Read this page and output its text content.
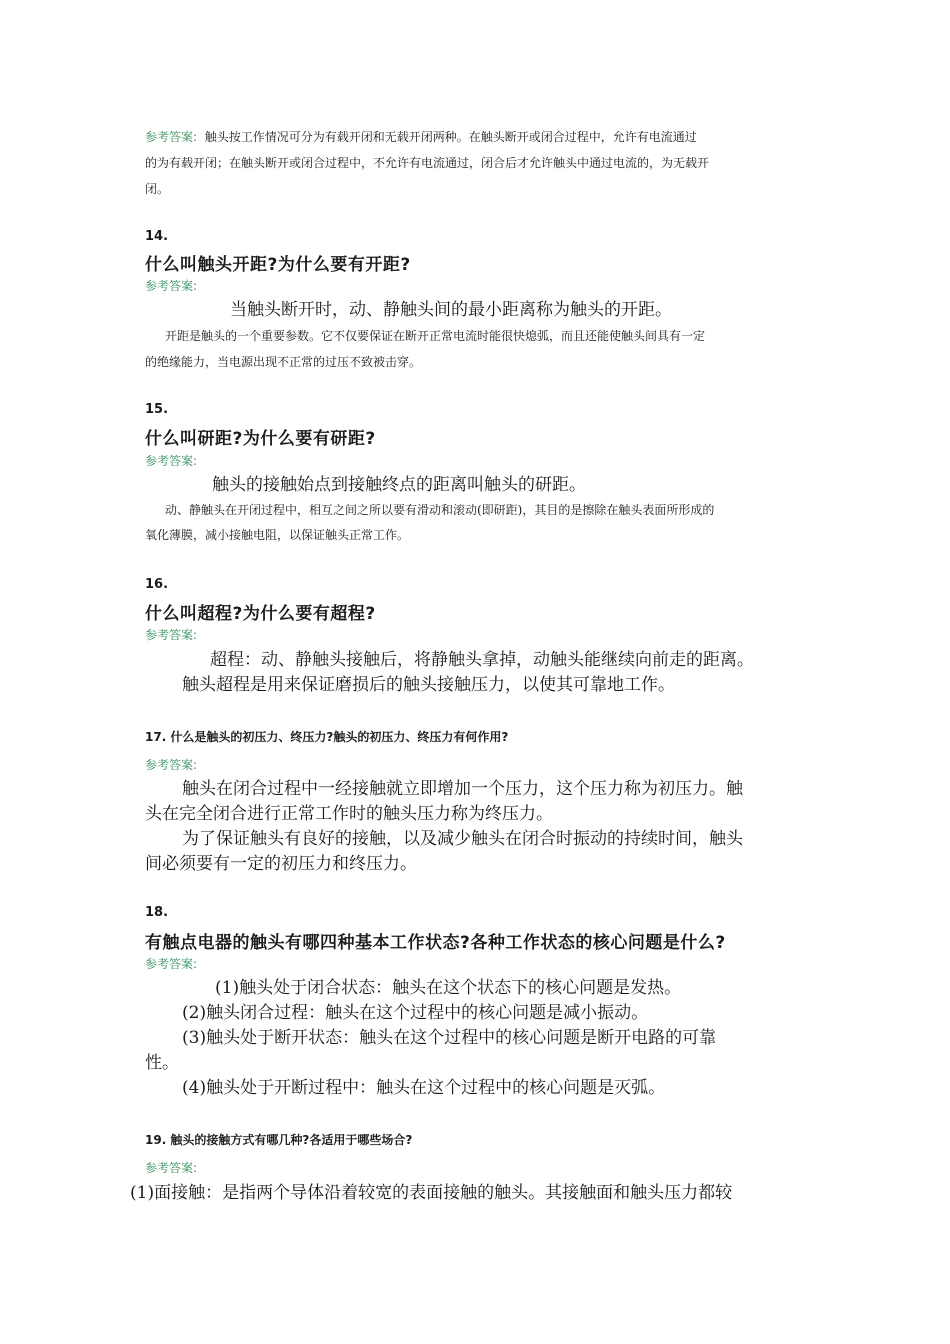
参考答案: 触头按工作情况可分为有载开闭和无载开闭两种。在触头断开或闭合过程中，允许有电流通过
的为有载开闭；在触头断开或闭合过程中，不允许有电流通过，闭合后才允许触头中通过电流的，为无载开
闭。
14.
什么叫触头开距?为什么要有开距?
参考答案:
当触头断开时，动、静触头间的最小距离称为触头的开距。
开距是触头的一个重要参数。它不仅要保证在断开正常电流时能很快熄弧，而且还能使触头间具有一定
的绝缘能力，当电源出现不正常的过压不致被击穿。
15.
什么叫研距?为什么要有研距?
参考答案:
触头的接触始点到接触终点的距离叫触头的研距。
动、静触头在开闭过程中，相互之间之所以要有滑动和滚动(即研距)，其目的是擦除在触头表面所形成的
氧化薄膜，减小接触电阻，以保证触头正常工作。
16.
什么叫超程?为什么要有超程?
参考答案:
超程：动、静触头接触后，将静触头拿掉，动触头能继续向前走的距离。
触头超程是用来保证磨损后的触头接触压力，以使其可靠地工作。
17. 什么是触头的初压力、终压力?触头的初压力、终压力有何作用?
参考答案:
触头在闭合过程中一经接触就立即增加一个压力，这个压力称为初压力。触
头在完全闭合进行正常工作时的触头压力称为终压力。
为了保证触头有良好的接触，以及减少触头在闭合时振动的持续时间，触头
间必须要有一定的初压力和终压力。
18.
有触点电器的触头有哪四种基本工作状态?各种工作状态的核心问题是什么?
参考答案:
(1)触头处于闭合状态：触头在这个状态下的核心问题是发热。
(2)触头闭合过程：触头在这个过程中的核心问题是减小振动。
(3)触头处于断开状态：触头在这个过程中的核心问题是断开电路的可靠
性。
(4)触头处于开断过程中：触头在这个过程中的核心问题是灭弧。
19. 触头的接触方式有哪几种?各适用于哪些场合?
参考答案:
(1)面接触：是指两个导体沿着较宽的表面接触的触头。其接触面和触头压力都较
